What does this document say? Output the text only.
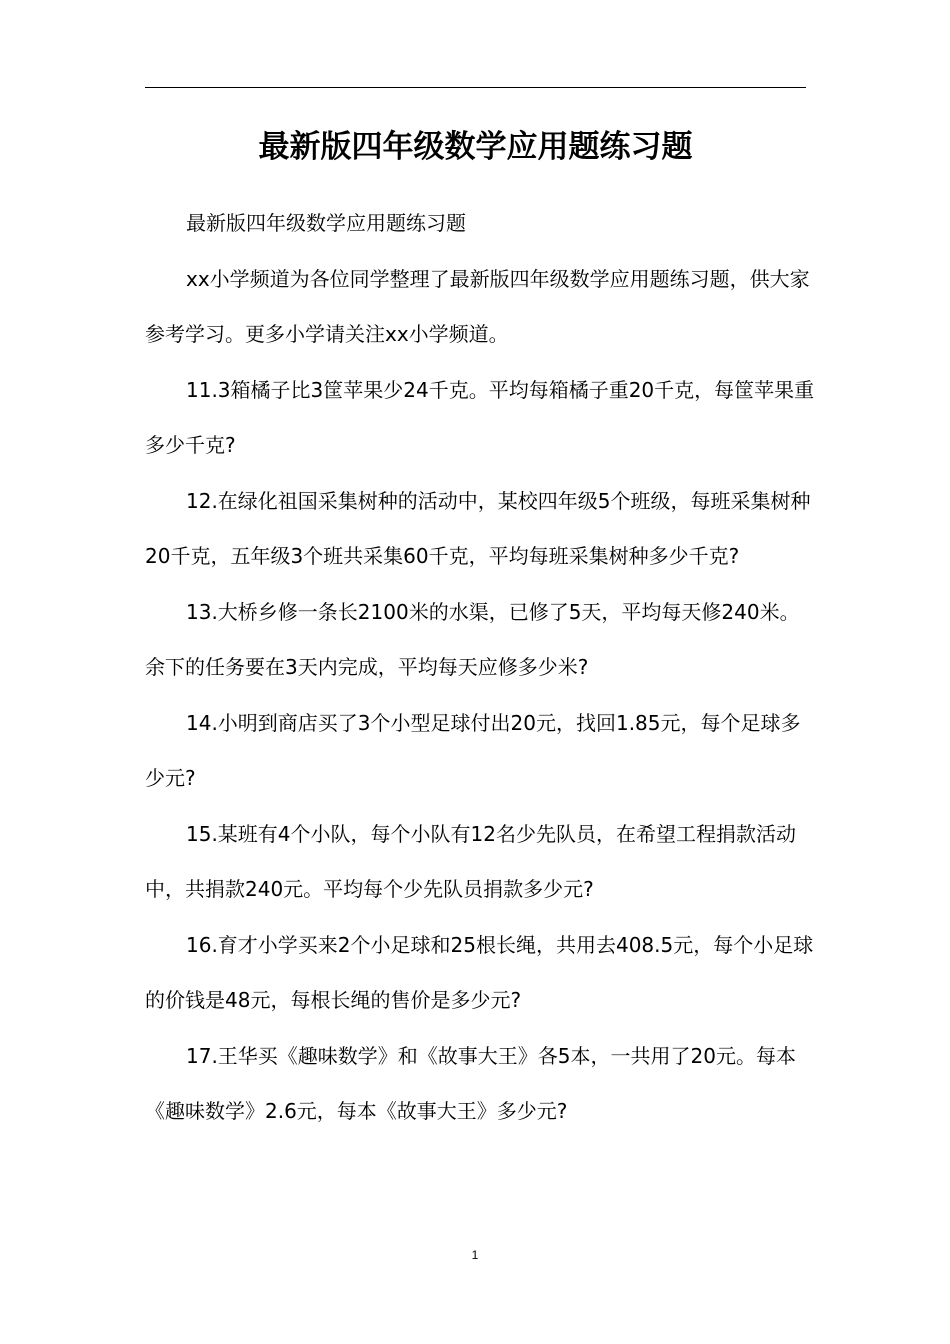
最新版四年级数学应用题练习题

最新版四年级数学应用题练习题

xx小学频道为各位同学整理了最新版四年级数学应用题练习题，供大家参考学习。更多小学请关注xx小学频道。

11.3箱橘子比3筐苹果少24千克。平均每箱橘子重20千克，每筐苹果重多少千克?

12.在绿化祖国采集树种的活动中，某校四年级5个班级，每班采集树种20千克，五年级3个班共采集60千克，平均每班采集树种多少千克?

13.大桥乡修一条长2100米的水渠，已修了5天，平均每天修240米。余下的任务要在3天内完成，平均每天应修多少米?

14.小明到商店买了3个小型足球付出20元，找回1.85元，每个足球多少元?

15.某班有4个小队，每个小队有12名少先队员，在希望工程捐款活动中，共捐款240元。平均每个少先队员捐款多少元?

16.育才小学买来2个小足球和25根长绳，共用去408.5元，每个小足球的价钱是48元，每根长绳的售价是多少元?

17.王华买《趣味数学》和《故事大王》各5本，一共用了20元。每本《趣味数学》2.6元，每本《故事大王》多少元?

1
